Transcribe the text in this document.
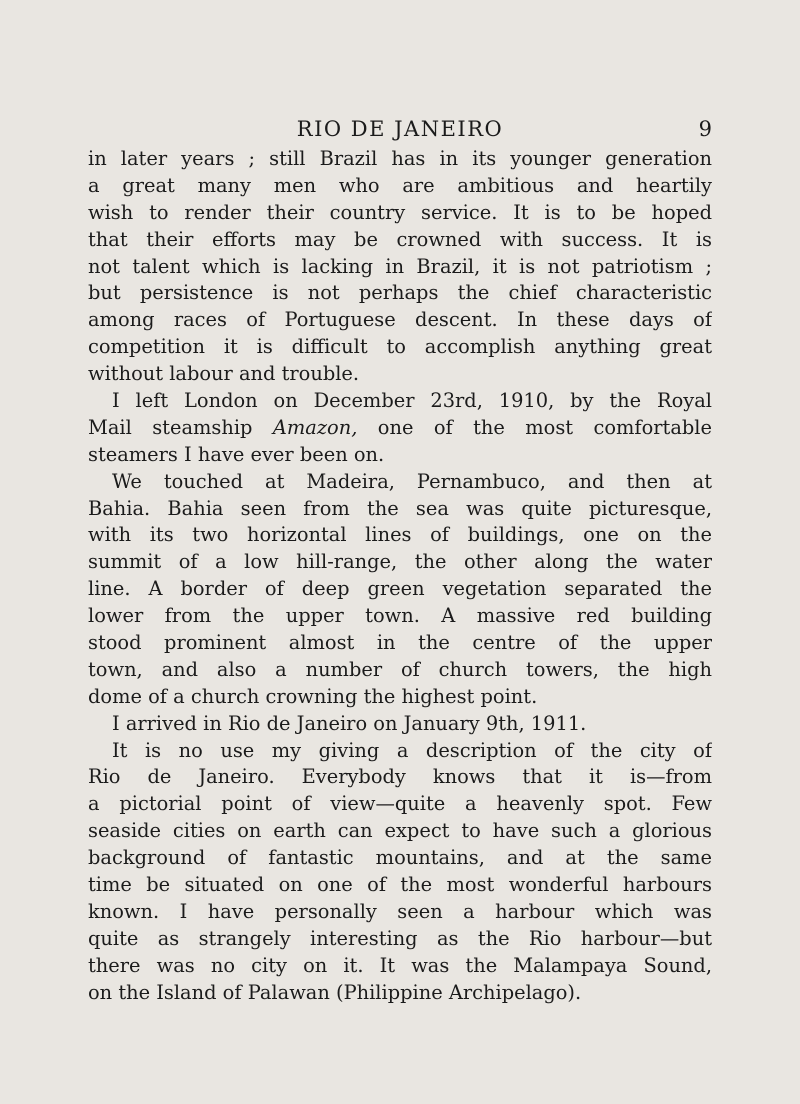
RIO DE JANEIRO	9
in later years ; still Brazil has in its younger generation
a great many men who are ambitious and heartily
wish to render their country service. It is to be hoped
that their efforts may be crowned with success. It is
not talent which is lacking in Brazil, it is not patriotism ;
but persistence is not perhaps the chief characteristic
among races of Portuguese descent. In these days of
competition it is difficult to accomplish anything great
without labour and trouble.
I left London on December 23rd, 1910, by the Royal
Mail steamship Amazon, one of the most comfortable
steamers I have ever been on.
We touched at Madeira, Pernambuco, and then at
Bahia. Bahia seen from the sea was quite picturesque,
with its two horizontal lines of buildings, one on the
summit of a low hill-range, the other along the water
line. A border of deep green vegetation separated the
lower from the upper town. A massive red building
stood prominent almost in the centre of the upper
town, and also a number of church towers, the high
dome of a church crowning the highest point.
I arrived in Rio de Janeiro on January 9th, 1911.
It is no use my giving a description of the city of
Rio de Janeiro. Everybody knows that it is—from
a pictorial point of view—quite a heavenly spot. Few
seaside cities on earth can expect to have such a glorious
background of fantastic mountains, and at the same
time be situated on one of the most wonderful harbours
known. I have personally seen a harbour which was
quite as strangely interesting as the Rio harbour—but
there was no city on it. It was the Malampaya Sound,
on the Island of Palawan (Philippine Archipelago).
